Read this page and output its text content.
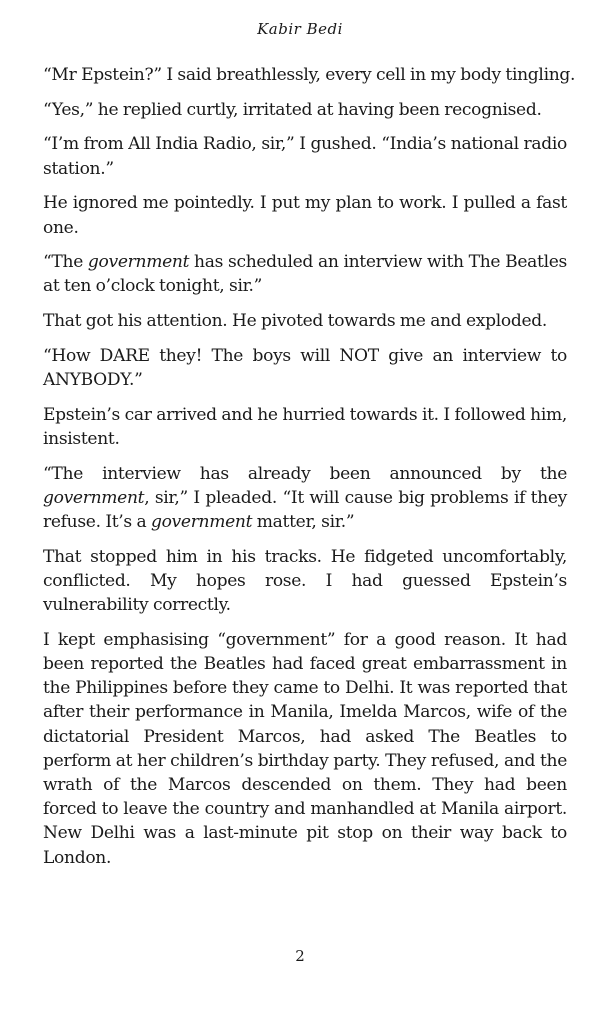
Kabir Bedi

“Mr Epstein?” I said breathlessly, every cell in my body tingling.

“Yes,” he replied curtly, irritated at having been recognised.

“I’m from All India Radio, sir,” I gushed. “India’s national radio station.”

He ignored me pointedly. I put my plan to work. I pulled a fast one.

“The government has scheduled an interview with The Beatles at ten o’clock tonight, sir.”

That got his attention. He pivoted towards me and exploded.

“How DARE they! The boys will NOT give an interview to ANYBODY.”

Epstein’s car arrived and he hurried towards it. I followed him, insistent.

“The interview has already been announced by the government, sir,” I pleaded. “It will cause big problems if they refuse. It’s a government matter, sir.”

That stopped him in his tracks. He fidgeted uncomfortably, conflicted. My hopes rose. I had guessed Epstein’s vulnerability correctly.

I kept emphasising “government” for a good reason. It had been reported the Beatles had faced great embarrassment in the Philippines before they came to Delhi. It was reported that after their performance in Manila, Imelda Marcos, wife of the dictatorial President Marcos, had asked The Beatles to perform at her children’s birthday party. They refused, and the wrath of the Marcos descended on them. They had been forced to leave the country and manhandled at Manila airport. New Delhi was a last-minute pit stop on their way back to London.

2
